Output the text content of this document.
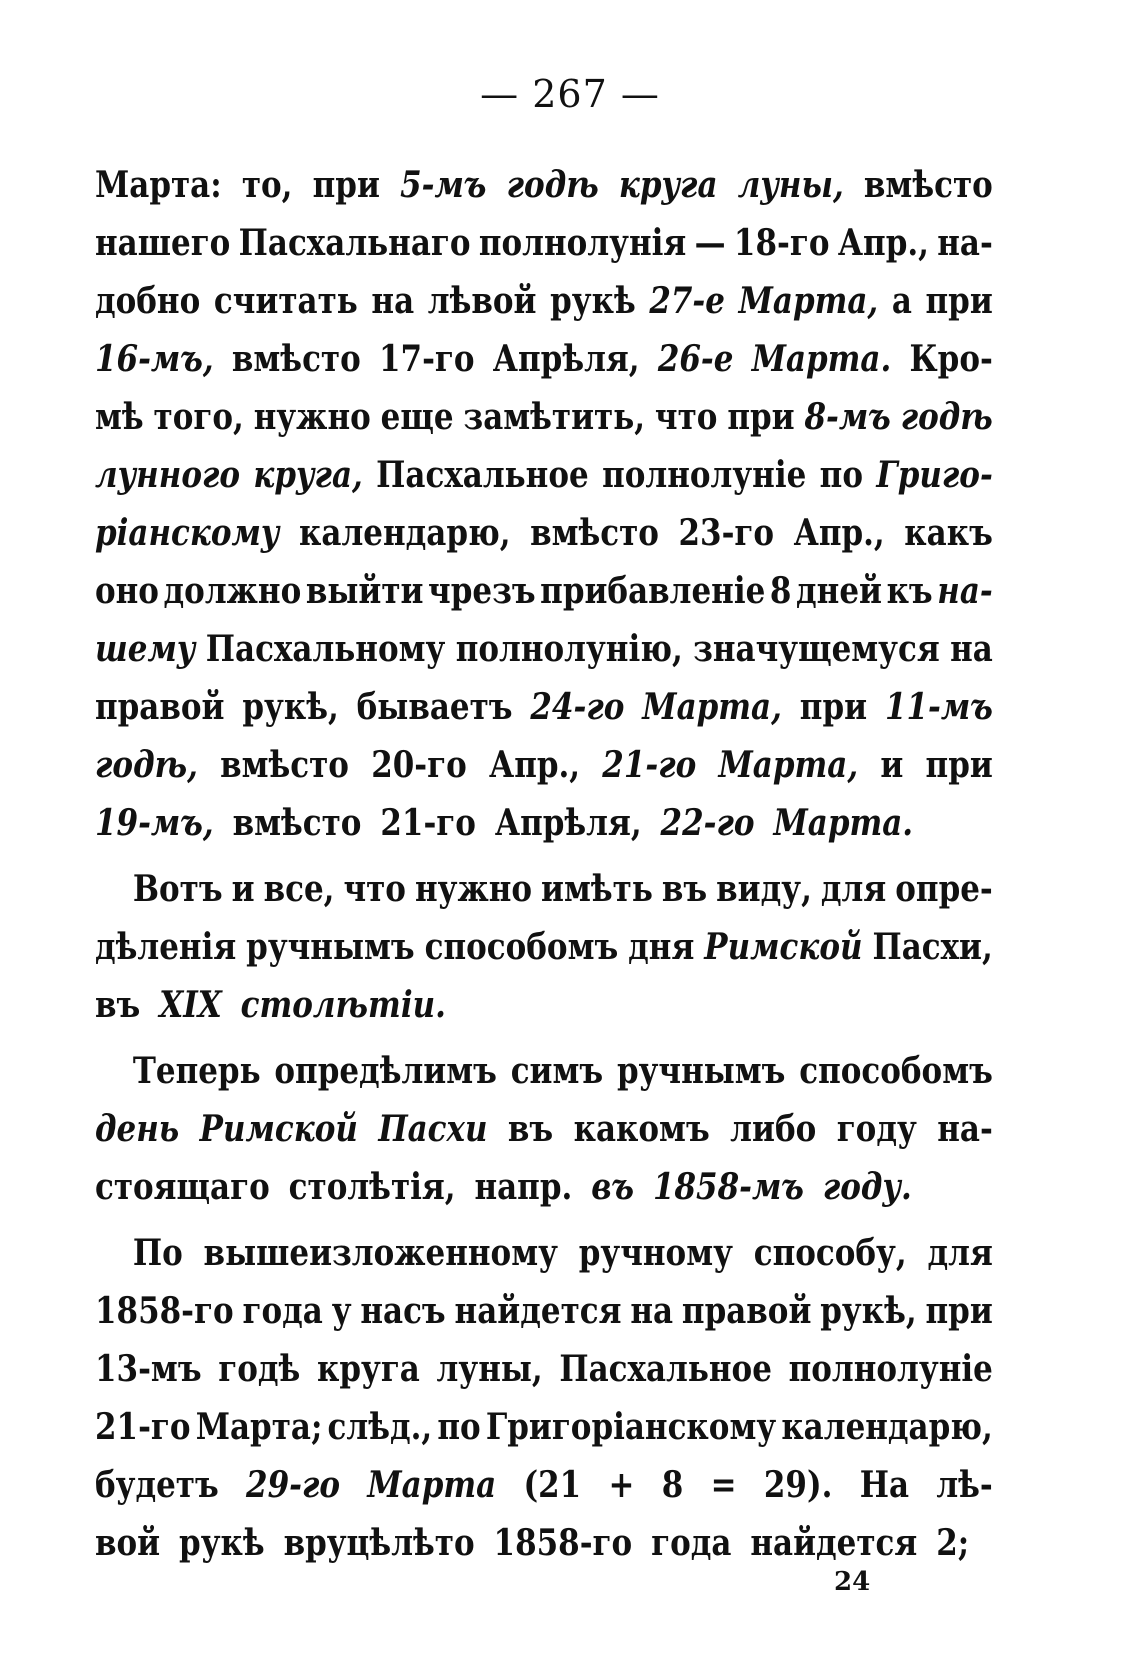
— 267 —
Марта: то, при 5-мъ годѣ круга луны, вмѣсто
нашего Пасхальнаго полнолунія — 18-го Апр., на-
добно считать на лѣвой рукѣ 27-е Марта, а при
16-мъ, вмѣсто 17-го Апрѣля, 26-е Марта. Кро-
мѣ того, нужно еще замѣтить, что при 8-мъ годѣ
лунного круга, Пасхальное полнолуніе по Григо-
ріанскому календарю, вмѣсто 23-го Апр., какъ
оно должно выйти чрезъ прибавленіе 8 дней къ на-
шему Пасхальному полнолунію, значущемуся на
правой рукѣ, бываетъ 24-го Марта, при 11-мъ
годѣ, вмѣсто 20-го Апр., 21-го Марта, и при
19-мъ, вмѣсто 21-го Апрѣля, 22-го Марта.
Вотъ и все, что нужно имѣть въ виду, для опре-
дѣленія ручнымъ способомъ дня Римской Пасхи,
въ XIX столѣтіи.
Теперь опредѣлимъ симъ ручнымъ способомъ
день Римской Пасхи въ какомъ либо году на-
стоящаго столѣтія, напр. въ 1858-мъ году.
По вышеизложенному ручному способу, для
1858-го года у насъ найдется на правой рукѣ, при
13-мъ годѣ круга луны, Пасхальное полнолуніе
21-го Марта; слѣд., по Григоріанскому календарю,
будетъ 29-го Марта (21 + 8 = 29). На лѣ-
вой рукѣ вруцѣлѣто 1858-го года найдется 2;
24
